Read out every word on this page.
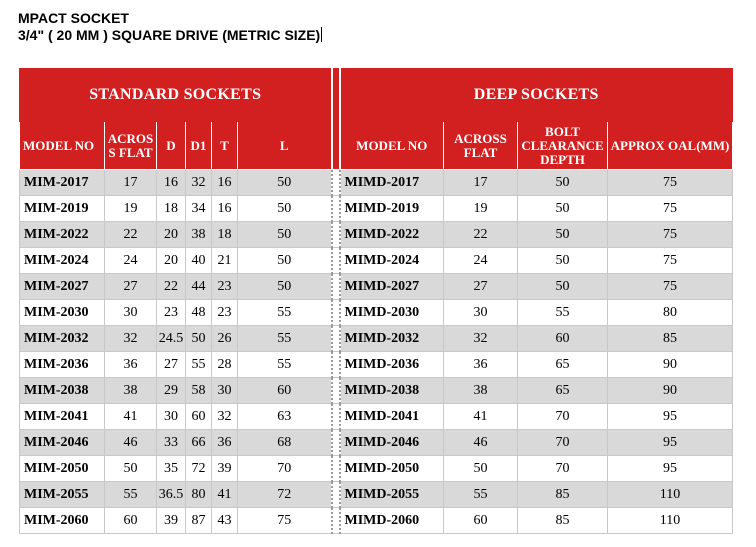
MPACT SOCKET
3/4" ( 20 MM ) SQUARE DRIVE (METRIC SIZE)
STANDARD SOCKETS							DEEP SOCKETS			
MODEL NO	ACROS S FLAT	D	D1	T	L		MODEL NO	ACROSS FLAT	BOLT CLEARANCE DEPTH	APPROX OAL(MM)
MIM-2017	17	16	32	16	50		MIMD-2017	17	50	75
MIM-2019	19	18	34	16	50		MIMD-2019	19	50	75
MIM-2022	22	20	38	18	50		MIMD-2022	22	50	75
MIM-2024	24	20	40	21	50		MIMD-2024	24	50	75
MIM-2027	27	22	44	23	50		MIMD-2027	27	50	75
MIM-2030	30	23	48	23	55		MIMD-2030	30	55	80
MIM-2032	32	24.5	50	26	55		MIMD-2032	32	60	85
MIM-2036	36	27	55	28	55		MIMD-2036	36	65	90
MIM-2038	38	29	58	30	60		MIMD-2038	38	65	90
MIM-2041	41	30	60	32	63		MIMD-2041	41	70	95
MIM-2046	46	33	66	36	68		MIMD-2046	46	70	95
MIM-2050	50	35	72	39	70		MIMD-2050	50	70	95
MIM-2055	55	36.5	80	41	72		MIMD-2055	55	85	110
MIM-2060	60	39	87	43	75		MIMD-2060	60	85	110
